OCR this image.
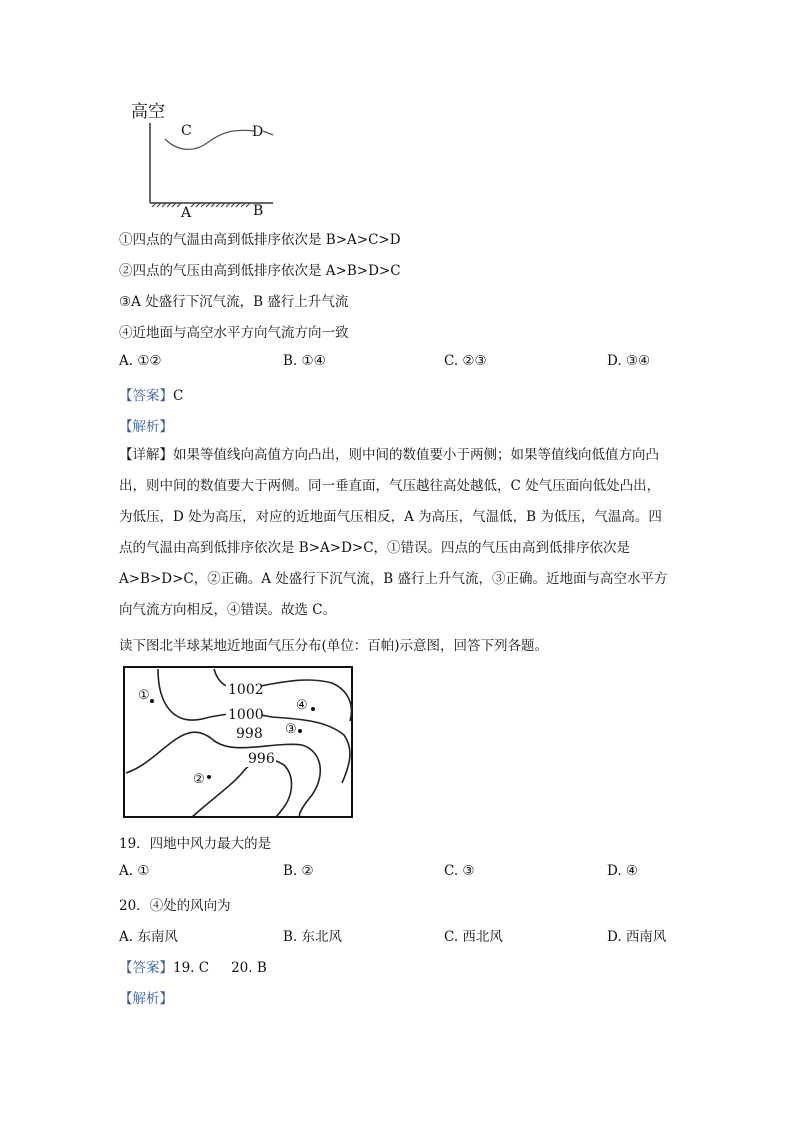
高空
C	D
A	B
①四点的气温由高到低排序依次是 B>A>C>D
②四点的气压由高到低排序依次是 A>B>D>C
③A 处盛行下沉气流，B 盛行上升气流
④近地面与高空水平方向气流方向一致
A. ①②	B. ①④	C. ②③	D. ③④
【答案】C
【解析】
【详解】如果等值线向高值方向凸出，则中间的数值要小于两侧；如果等值线向低值方向凸
出，则中间的数值要大于两侧。同一垂直面，气压越往高处越低，C 处气压面向低处凸出，
为低压，D 处为高压，对应的近地面气压相反，A 为高压，气温低，B 为低压，气温高。四
点的气温由高到低排序依次是 B>A>D>C，①错误。四点的气压由高到低排序依次是
A>B>D>C，②正确。A 处盛行下沉气流，B 盛行上升气流，③正确。近地面与高空水平方
向气流方向相反，④错误。故选 C。
读下图北半球某地近地面气压分布(单位：百帕)示意图，回答下列各题。
1002
1000
998
996
①
②
③
④
19．四地中风力最大的是
A. ①	B. ②	C. ③	D. ④
20．④处的风向为
A. 东南风	B. 东北风	C. 西北风	D. 西南风
【答案】19. C 20. B
【解析】
